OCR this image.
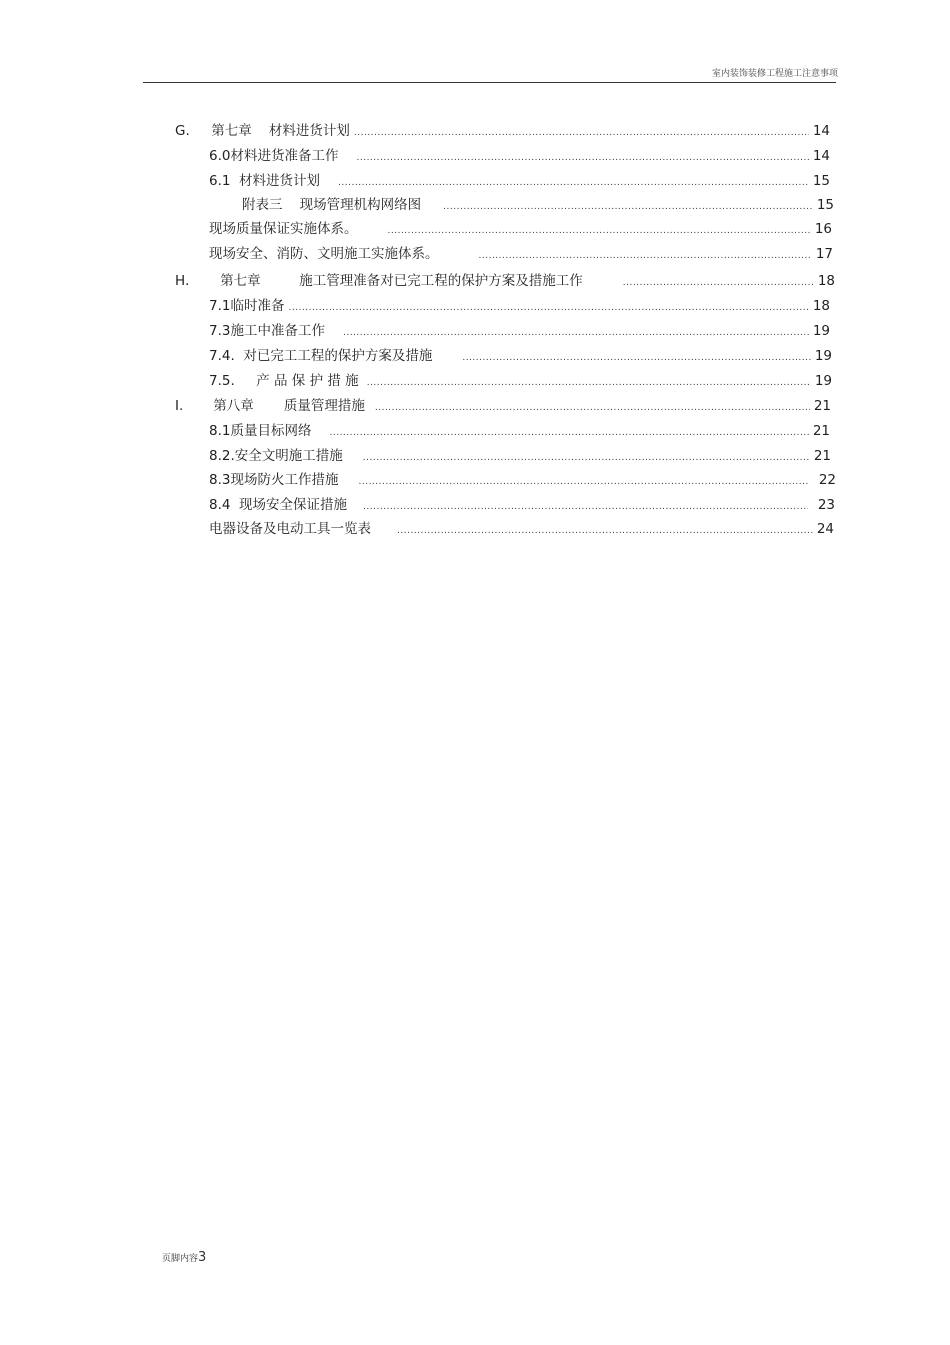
室内装饰装修工程施工注意事项
G.     第七章    材料进货计划 .....	14
6.0材料进货准备工作 .....	14
6.1  材料进货计划 .....	15
附表三    现场管理机构网络图 .....	15
现场质量保证实施体系。 .....	16
现场安全、消防、文明施工实施体系。 .....	17
H．     第七章         施工管理准备对已完工程的保护方案及措施工作 .....	18
7.1临时准备 .....	18
7.3施工中准备工作 .....	19
7.4.  对已完工工程的保护方案及措施 .....	19
7.5.     产 品 保 护 措 施 .....	19
I.       第八章       质量管理措施 .....	21
8.1质量目标网络 .....	21
8.2.安全文明施工措施 .....	21
8.3现场防火工作措施 .....	22
8.4  现场安全保证措施 .....	23
电器设备及电动工具一览表 .....	24
页脚内容3
